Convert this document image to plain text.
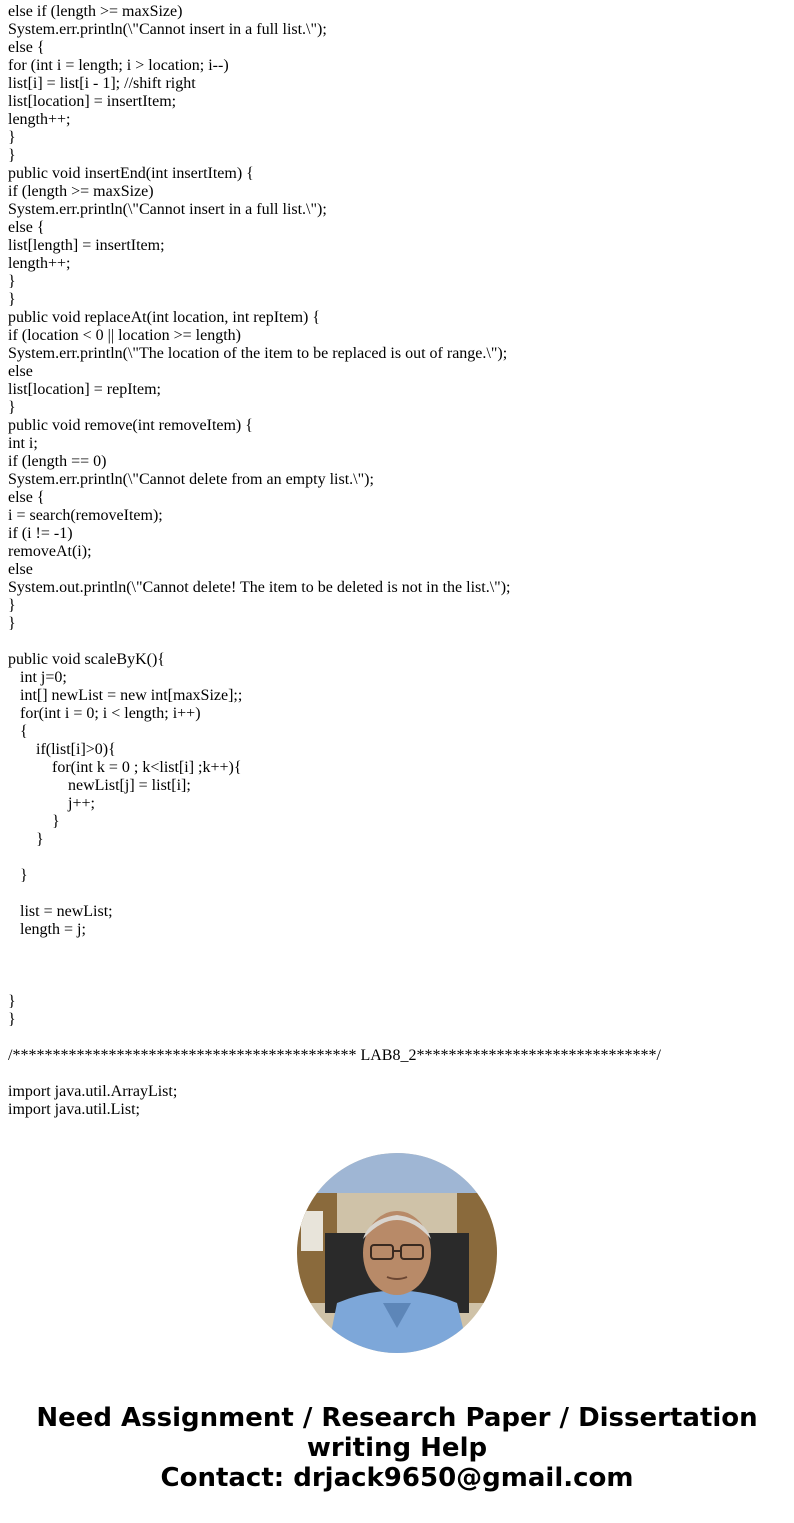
else if (length >= maxSize)
System.err.println(\"Cannot insert in a full list.\");
else {
for (int i = length; i > location; i--)
list[i] = list[i - 1]; //shift right
list[location] = insertItem;
length++;
}
}
public void insertEnd(int insertItem) {
if (length >= maxSize)
System.err.println(\"Cannot insert in a full list.\");
else {
list[length] = insertItem;
length++;
}
}
public void replaceAt(int location, int repItem) {
if (location < 0 || location >= length)
System.err.println(\"The location of the item to be replaced is out of range.\");
else
list[location] = repItem;
}
public void remove(int removeItem) {
int i;
if (length == 0)
System.err.println(\"Cannot delete from an empty list.\");
else {
i = search(removeItem);
if (i != -1)
removeAt(i);
else
System.out.println(\"Cannot delete! The item to be deleted is not in the list.\");
}
}
public void scaleByK(){
int j=0;
int[] newList = new int[maxSize];;
for(int i = 0; i < length; i++)
{
if(list[i]>0){
for(int k = 0 ; k<list[i] ;k++){
newList[j] = list[i];
j++;
}
}
}
list = newList;
length = j;
}
}
/******************************************* LAB8_2******************************/
import java.util.ArrayList;
import java.util.List;
Need Assignment / Research Paper / Dissertation
writing Help
Contact: drjack9650@gmail.com
